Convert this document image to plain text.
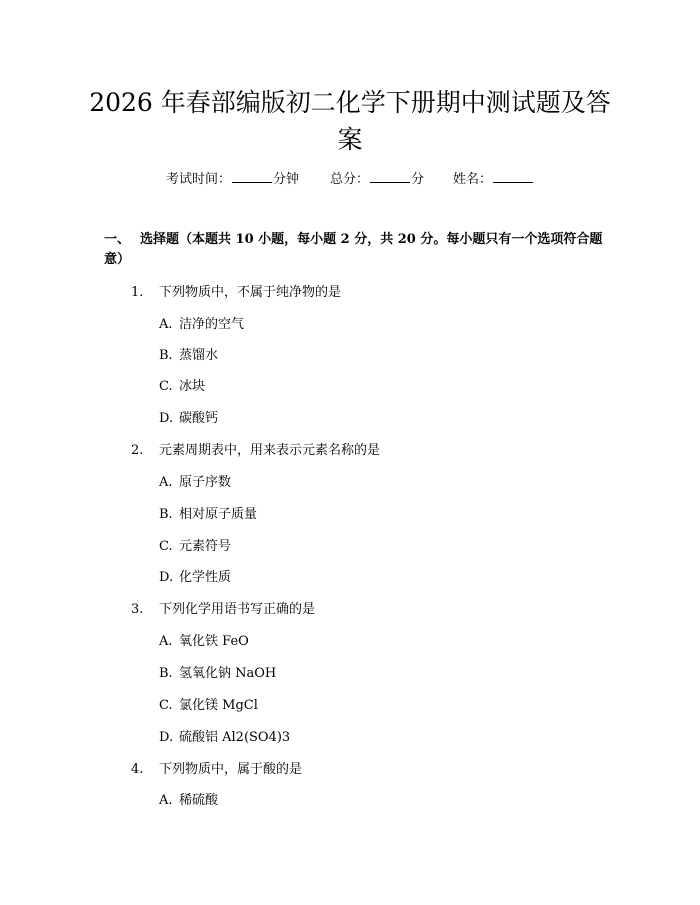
2026 年春部编版初二化学下册期中测试题及答案
考试时间：	分钟 总分：	分 姓名：
一、 选择题（本题共 10 小题，每小题 2 分，共 20 分。每小题只有一个选项符合题意）
1. 下列物质中，不属于纯净物的是
A. 洁净的空气
B. 蒸馏水
C. 冰块
D. 碳酸钙
2. 元素周期表中，用来表示元素名称的是
A. 原子序数
B. 相对原子质量
C. 元素符号
D. 化学性质
3. 下列化学用语书写正确的是
A. 氧化铁 FeO
B. 氢氧化钠 NaOH
C. 氯化镁 MgCl
D. 硫酸铝 Al2(SO4)3
4. 下列物质中，属于酸的是
A. 稀硫酸
